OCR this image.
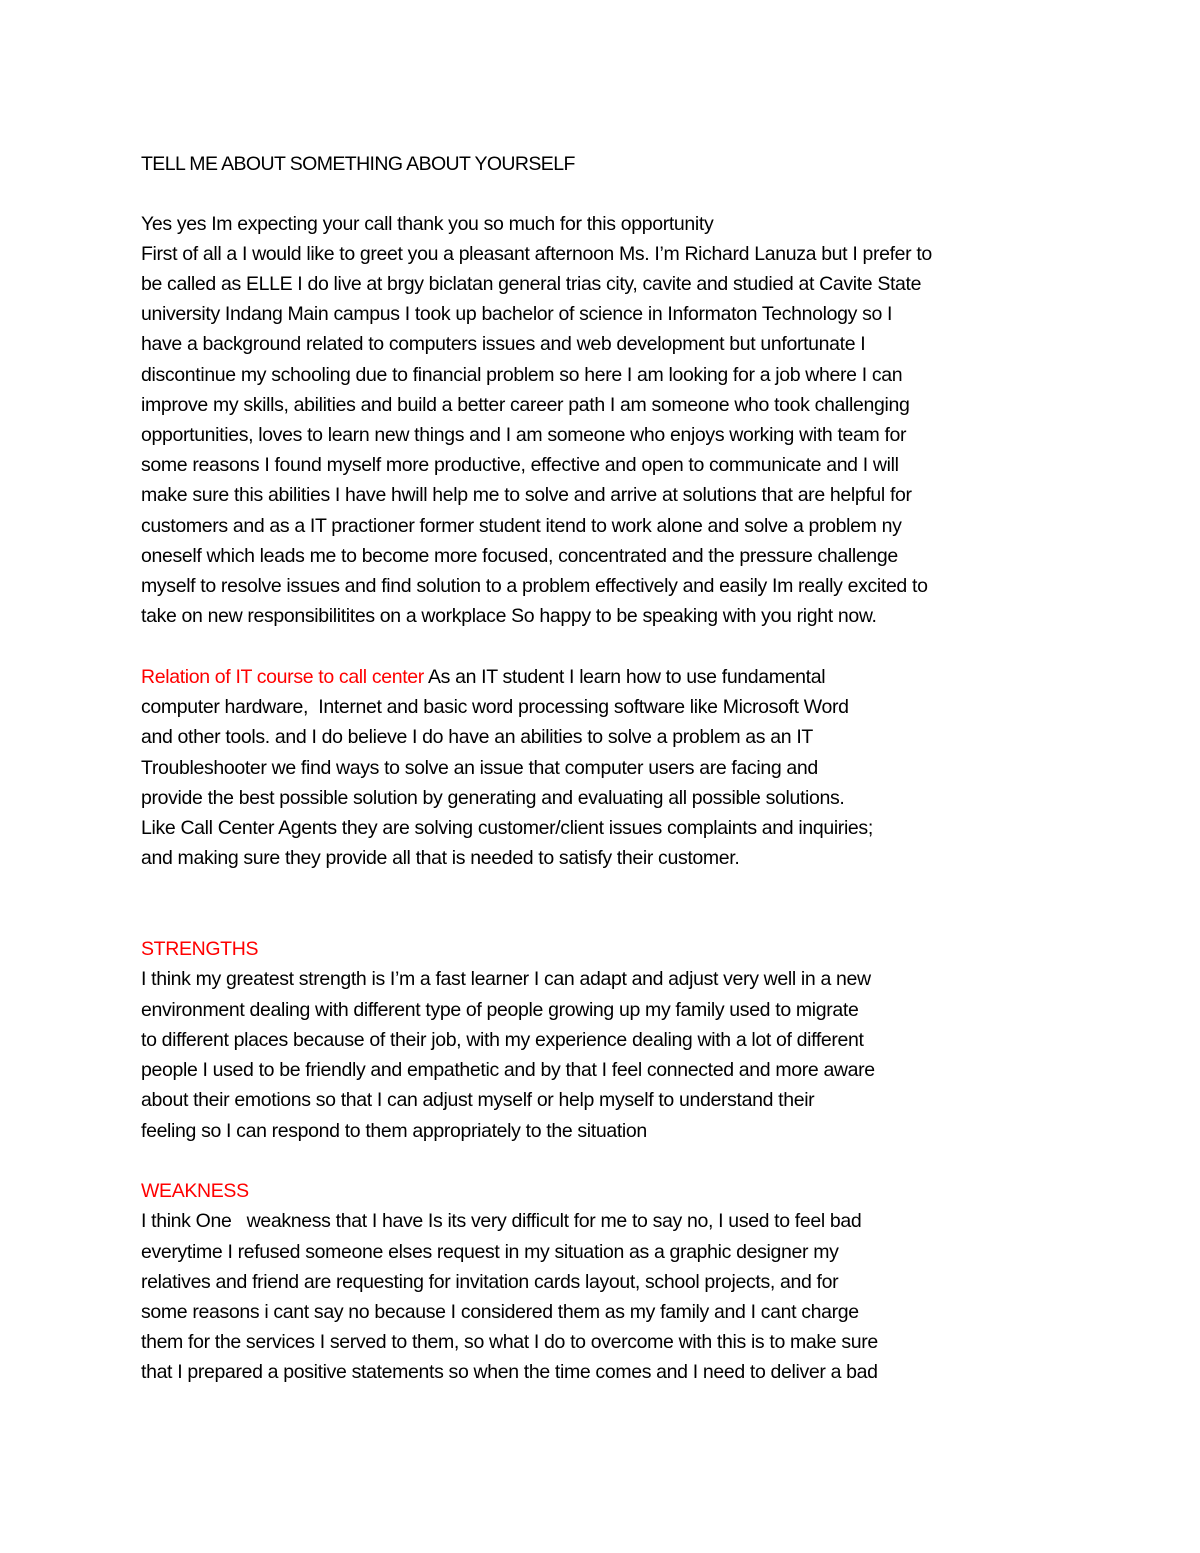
TELL ME ABOUT SOMETHING ABOUT YOURSELF
Yes yes Im expecting your call thank you so much for this opportunity
First of all a I would like to greet you a pleasant afternoon Ms. I’m Richard Lanuza but I prefer to
be called as ELLE I do live at brgy biclatan general trias city, cavite and studied at Cavite State
university Indang Main campus I took up bachelor of science in Informaton Technology so I
have a background related to computers issues and web development but unfortunate I
discontinue my schooling due to financial problem so here I am looking for a job where I can
improve my skills, abilities and build a better career path I am someone who took challenging
opportunities, loves to learn new things and I am someone who enjoys working with team for
some reasons I found myself more productive, effective and open to communicate and I will
make sure this abilities I have hwill help me to solve and arrive at solutions that are helpful for
customers and as a IT practioner former student itend to work alone and solve a problem ny
oneself which leads me to become more focused, concentrated and the pressure challenge
myself to resolve issues and find solution to a problem effectively and easily Im really excited to
take on new responsibilitites on a workplace So happy to be speaking with you right now.
Relation of IT course to call center As an IT student I learn how to use fundamental
computer hardware,  Internet and basic word processing software like Microsoft Word
and other tools. and I do believe I do have an abilities to solve a problem as an IT
Troubleshooter we find ways to solve an issue that computer users are facing and
provide the best possible solution by generating and evaluating all possible solutions.
Like Call Center Agents they are solving customer/client issues complaints and inquiries;
and making sure they provide all that is needed to satisfy their customer.
STRENGTHS
I think my greatest strength is I’m a fast learner I can adapt and adjust very well in a new
environment dealing with different type of people growing up my family used to migrate
to different places because of their job, with my experience dealing with a lot of different
people I used to be friendly and empathetic and by that I feel connected and more aware
about their emotions so that I can adjust myself or help myself to understand their
feeling so I can respond to them appropriately to the situation
WEAKNESS
I think One   weakness that I have Is its very difficult for me to say no, I used to feel bad
everytime I refused someone elses request in my situation as a graphic designer my
relatives and friend are requesting for invitation cards layout, school projects, and for
some reasons i cant say no because I considered them as my family and I cant charge
them for the services I served to them, so what I do to overcome with this is to make sure
that I prepared a positive statements so when the time comes and I need to deliver a bad
